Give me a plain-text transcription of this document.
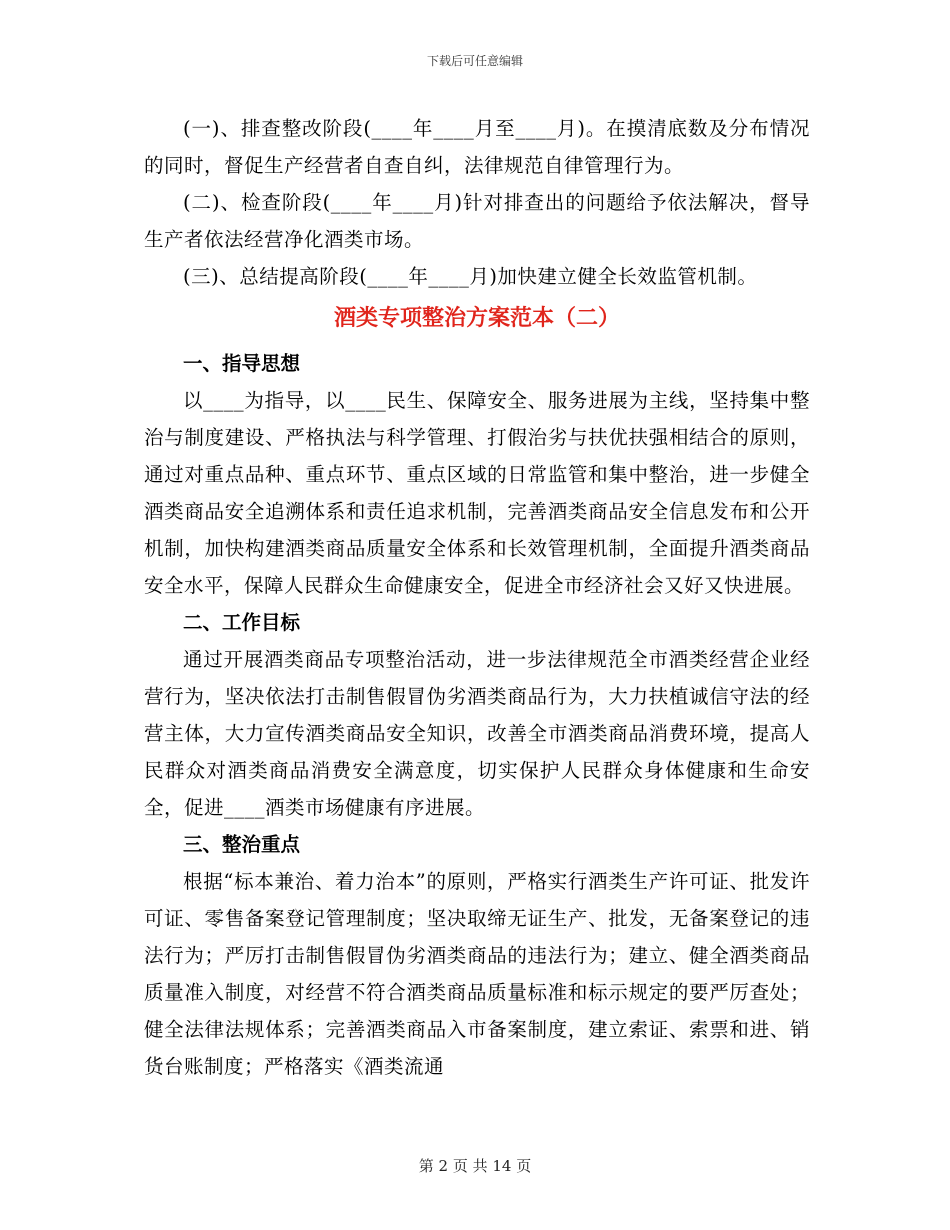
下载后可任意编辑

(一)、排查整改阶段(____年____月至____月)。在摸清底数及分布情况的同时，督促生产经营者自查自纠，法律规范自律管理行为。

(二)、检查阶段(____年____月)针对排查出的问题给予依法解决，督导生产者依法经营净化酒类市场。

(三)、总结提高阶段(____年____月)加快建立健全长效监管机制。

酒类专项整治方案范本（二）
一、指导思想

以____为指导，以____民生、保障安全、服务进展为主线，坚持集中整治与制度建设、严格执法与科学管理、打假治劣与扶优扶强相结合的原则，通过对重点品种、重点环节、重点区域的日常监管和集中整治，进一步健全酒类商品安全追溯体系和责任追求机制，完善酒类商品安全信息发布和公开机制，加快构建酒类商品质量安全体系和长效管理机制，全面提升酒类商品安全水平，保障人民群众生命健康安全，促进全市经济社会又好又快进展。

二、工作目标

通过开展酒类商品专项整治活动，进一步法律规范全市酒类经营企业经营行为，坚决依法打击制售假冒伪劣酒类商品行为，大力扶植诚信守法的经营主体，大力宣传酒类商品安全知识，改善全市酒类商品消费环境，提高人民群众对酒类商品消费安全满意度，切实保护人民群众身体健康和生命安全，促进____酒类市场健康有序进展。

三、整治重点

根据“标本兼治、着力治本”的原则，严格实行酒类生产许可证、批发许可证、零售备案登记管理制度；坚决取缔无证生产、批发，无备案登记的违法行为；严厉打击制售假冒伪劣酒类商品的违法行为；建立、健全酒类商品质量准入制度，对经营不符合酒类商品质量标准和标示规定的要严厉查处；健全法律法规体系；完善酒类商品入市备案制度，建立索证、索票和进、销货台账制度；严格落实《酒类流通

第 2 页 共 14 页
